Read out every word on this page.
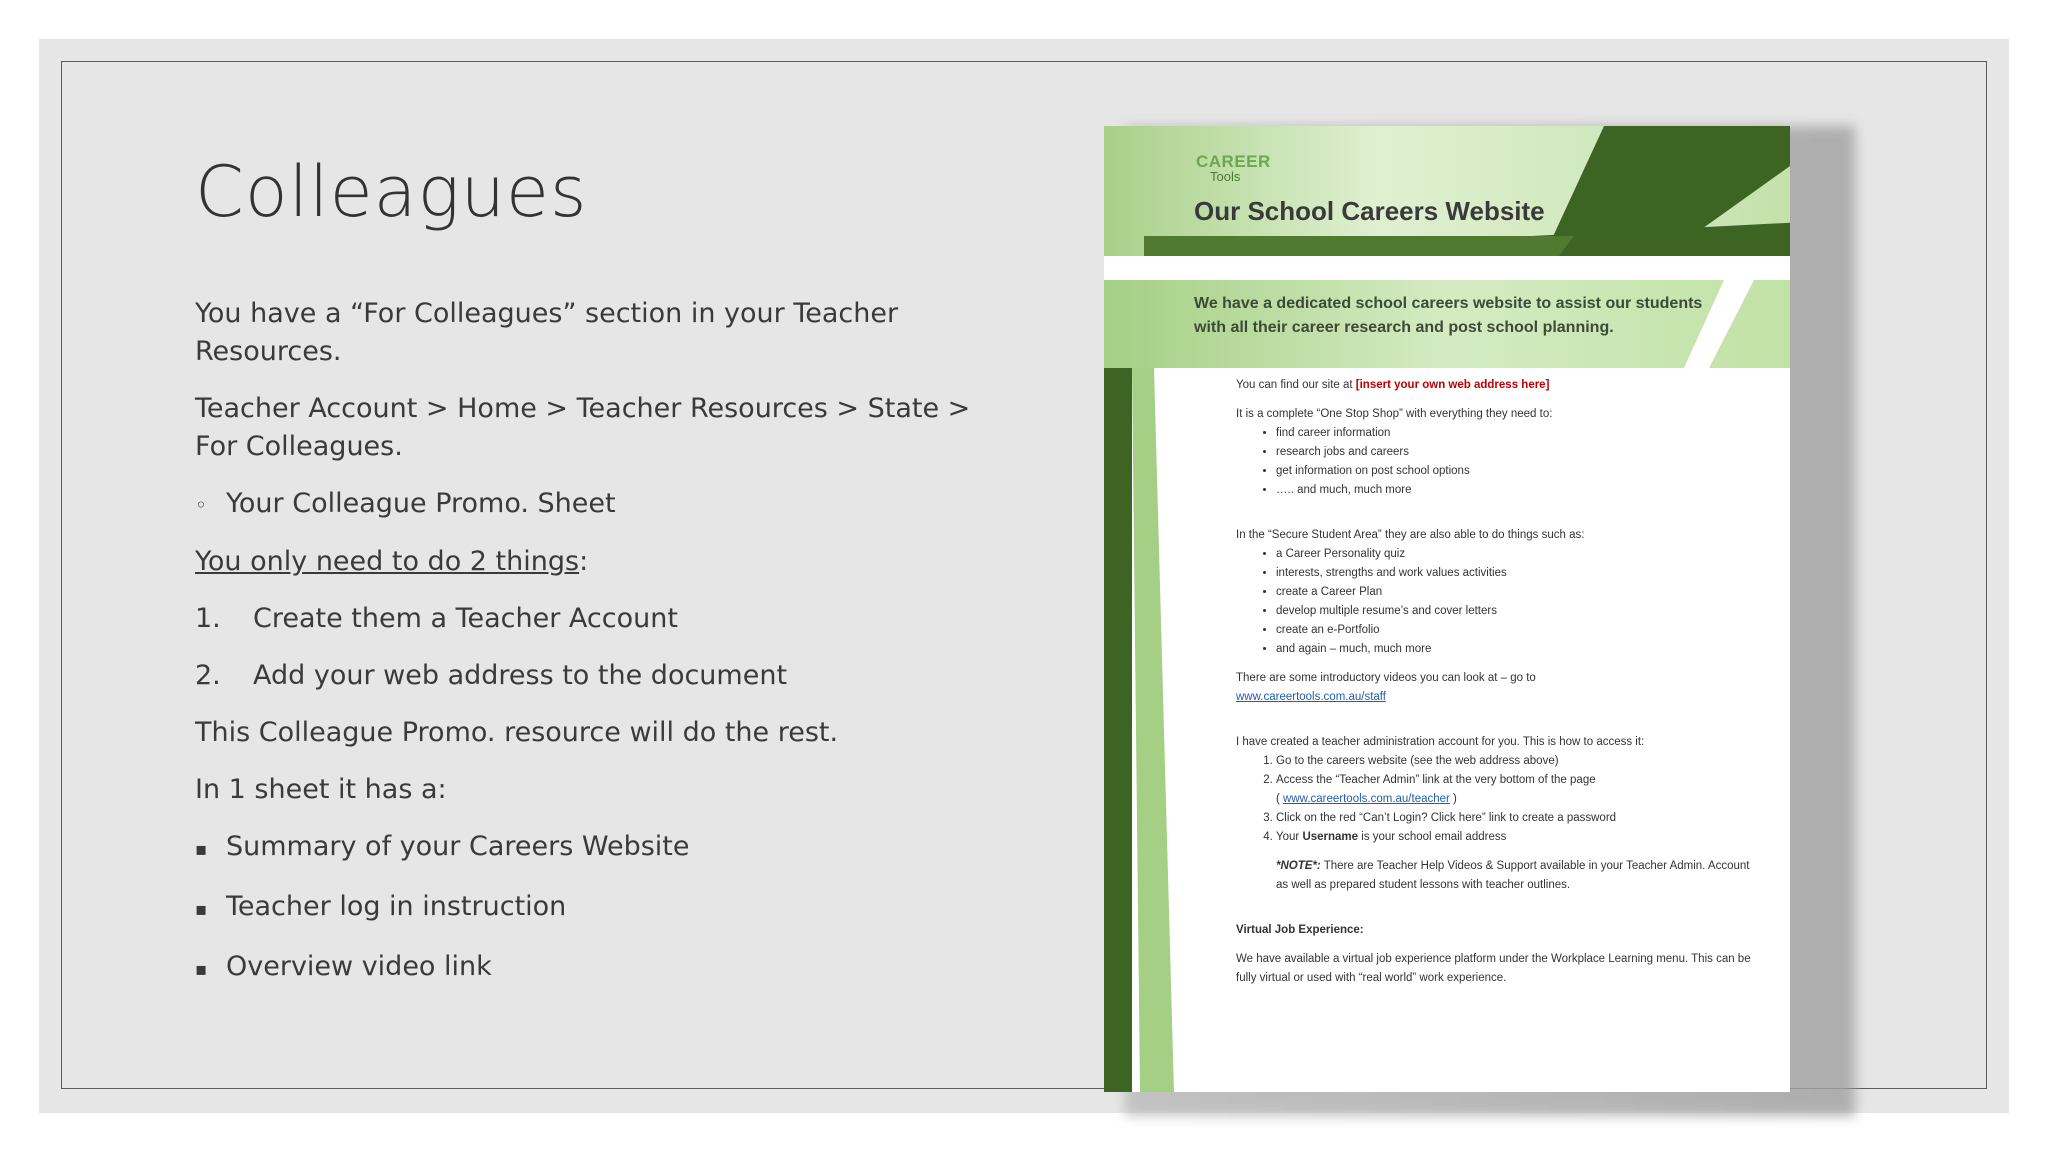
Colleagues
You have a “For Colleagues” section in your Teacher Resources.
Teacher Account > Home > Teacher Resources > State > For Colleagues.
◦ Your Colleague Promo. Sheet
You only need to do 2 things:
1.	Create them a Teacher Account
2.	Add your web address to the document
This Colleague Promo. resource will do the rest.
In 1 sheet it has a:
▪ Summary of your Careers Website
▪ Teacher log in instruction
▪ Overview video link
CAREER
Tools
Our School Careers Website
We have a dedicated school careers website to assist our students with all their career research and post school planning.
You can find our site at [insert your own web address here]
It is a complete “One Stop Shop” with everything they need to:
• find career information
• research jobs and careers
• get information on post school options
• ….. and much, much more
In the “Secure Student Area” they are also able to do things such as:
• a Career Personality quiz
• interests, strengths and work values activities
• create a Career Plan
• develop multiple resume’s and cover letters
• create an e-Portfolio
• and again – much, much more
There are some introductory videos you can look at – go to
www.careertools.com.au/staff
I have created a teacher administration account for you. This is how to access it:
1. Go to the careers website (see the web address above)
2. Access the “Teacher Admin” link at the very bottom of the page
( www.careertools.com.au/teacher )
3. Click on the red “Can’t Login? Click here” link to create a password
4. Your Username is your school email address
*NOTE*: There are Teacher Help Videos & Support available in your Teacher Admin. Account as well as prepared student lessons with teacher outlines.
Virtual Job Experience:
We have available a virtual job experience platform under the Workplace Learning menu. This can be fully virtual or used with “real world” work experience.
